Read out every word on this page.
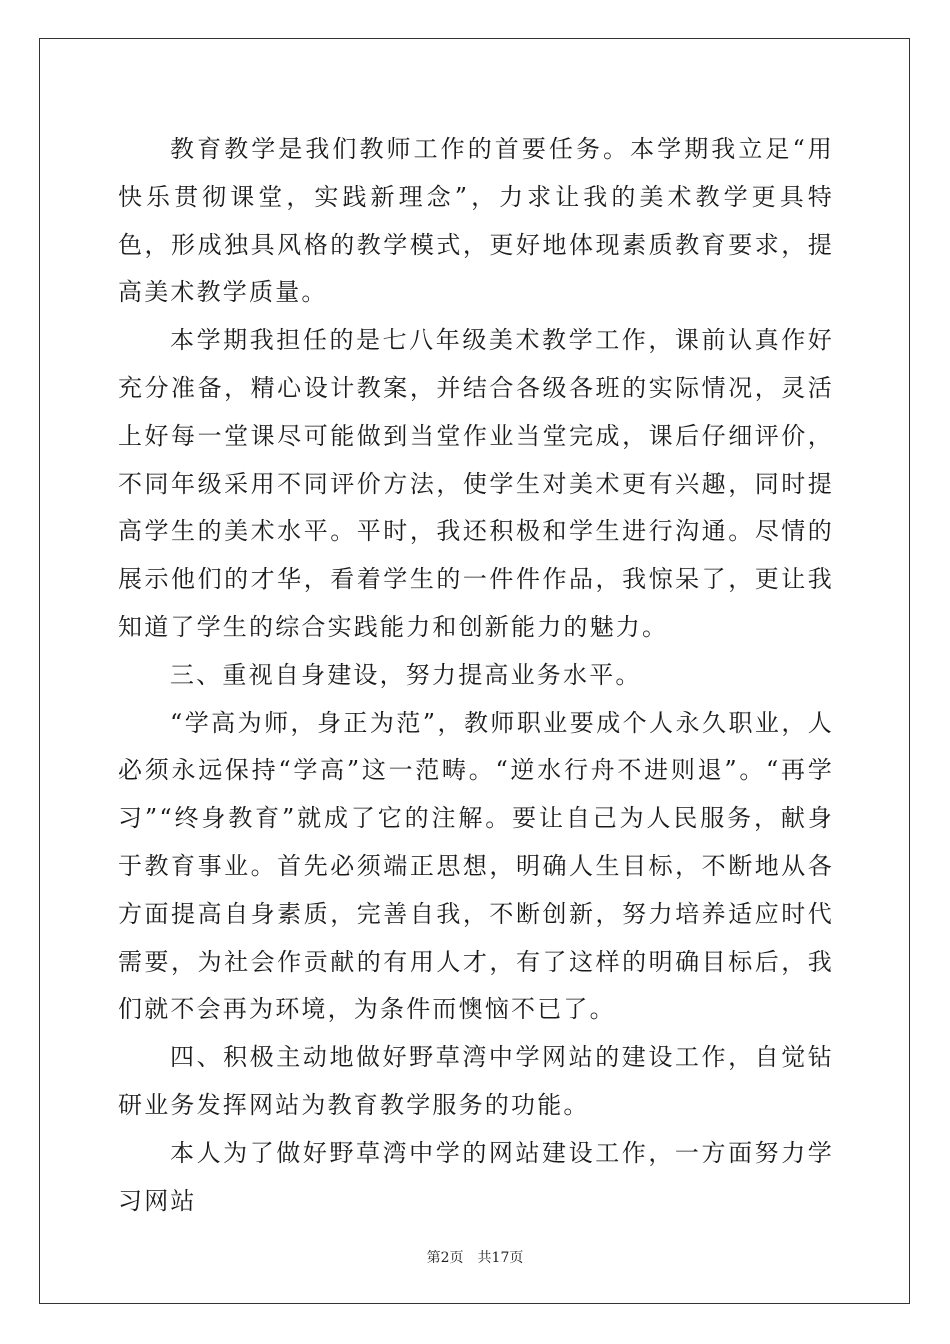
教育教学是我们教师工作的首要任务。本学期我立足“用快乐贯彻课堂，实践新理念”，力求让我的美术教学更具特色，形成独具风格的教学模式，更好地体现素质教育要求，提高美术教学质量。

本学期我担任的是七八年级美术教学工作，课前认真作好充分准备，精心设计教案，并结合各级各班的实际情况，灵活上好每一堂课尽可能做到当堂作业当堂完成，课后仔细评价，不同年级采用不同评价方法，使学生对美术更有兴趣，同时提高学生的美术水平。平时，我还积极和学生进行沟通。尽情的展示他们的才华，看着学生的一件件作品，我惊呆了，更让我知道了学生的综合实践能力和创新能力的魅力。

三、重视自身建设，努力提高业务水平。

“学高为师，身正为范”，教师职业要成个人永久职业，人必须永远保持“学高”这一范畴。“逆水行舟不进则退”。“再学习”“终身教育”就成了它的注解。要让自己为人民服务，献身于教育事业。首先必须端正思想，明确人生目标，不断地从各方面提高自身素质，完善自我，不断创新，努力培养适应时代需要，为社会作贡献的有用人才，有了这样的明确目标后，我们就不会再为环境，为条件而懊恼不已了。

四、积极主动地做好野草湾中学网站的建设工作，自觉钻研业务发挥网站为教育教学服务的功能。

本人为了做好野草湾中学的网站建设工作，一方面努力学习网站

第2页 共17页
